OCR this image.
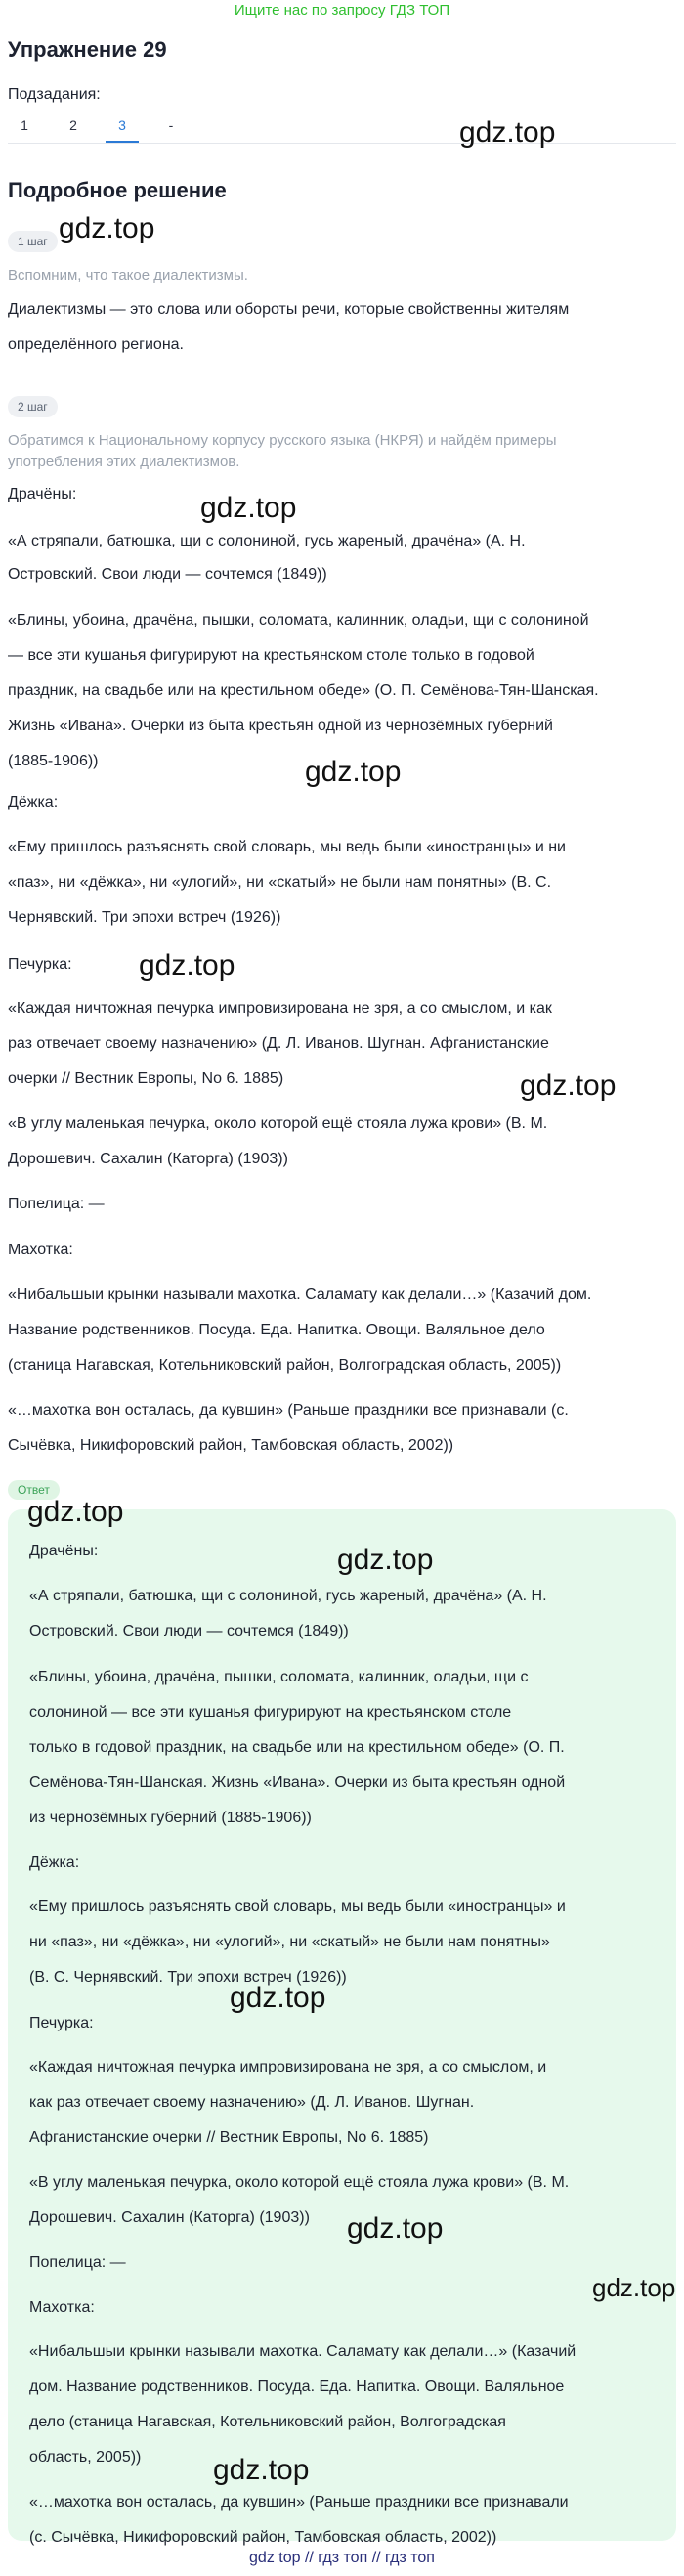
Ищите нас по запросу ГДЗ ТОП
Упражнение 29
Подзадания:
1	2	3	-	gdz.top
Подробное решение
1 шаг gdz.top

Вспомним, что такое диалектизмы.

Диалектизмы — это слова или обороты речи, которые свойственны жителям

определённого региона.

2 шаг

Обратимся к Национальному корпусу русского языка (НКРЯ) и найдём примеры

употребления этих диалектизмов.

gdz.top

Драчёны:

«А стряпали, батюшка, щи с солониной, гусь жареный, драчёна» (А. Н.

Островский. Свои люди — сочтемся (1849))

«Блины, убоина, драчёна, пышки, соломата, калинник, оладьи, щи с солониной

— все эти кушанья фигурируют на крестьянском столе только в годовой

праздник, на свадьбе или на крестильном обеде» (О. П. Семёнова-Тян-Шанская.

Жизнь «Ивана». Очерки из быта крестьян одной из чернозёмных губерний

(1885-1906))	gdz.top

Дёжка:

«Ему пришлось разъяснять свой словарь, мы ведь были «иностранцы» и ни

«паз», ни «дёжка», ни «улогий», ни «скатый» не были нам понятны» (В. С.

Чернявский. Три эпохи встреч (1926))

Печурка:	gdz.top

«Каждая ничтожная печурка импровизирована не зря, а со смыслом, и как

раз отвечает своему назначению» (Д. Л. Иванов. Шугнан. Афганистанские

очерки // Вестник Европы, No 6. 1885)	gdz.top

«В углу маленькая печурка, около которой ещё стояла лужа крови» (В. М.

Дорошевич. Сахалин (Каторга) (1903))

Попелица: —

Махотка:

«Нибальшыи крынки называли махотка. Саламату как делали…» (Казачий дом.

Название родственников. Посуда. Еда. Напитка. Овощи. Валяльное дело

(станица Нагавская, Котельниковский район, Волгоградская область, 2005))

«…махотка вон осталась, да кувшин» (Раньше праздники все признавали (с.

Сычёвка, Никифоровский район, Тамбовская область, 2002))

Ответ
gdz.top

Драчёны:	gdz.top

«А стряпали, батюшка, щи с солониной, гусь жареный, драчёна» (А. Н.

Островский. Свои люди — сочтемся (1849))

«Блины, убоина, драчёна, пышки, соломата, калинник, оладьи, щи с

солониной — все эти кушанья фигурируют на крестьянском столе

только в годовой праздник, на свадьбе или на крестильном обеде» (О. П.

Семёнова-Тян-Шанская. Жизнь «Ивана». Очерки из быта крестьян одной

из чернозёмных губерний (1885-1906))

Дёжка:

«Ему пришлось разъяснять свой словарь, мы ведь были «иностранцы» и

ни «паз», ни «дёжка», ни «улогий», ни «скатый» не были нам понятны»

(В. С. Чернявский. Три эпохи встреч (1926))

gdz.top

Печурка:

«Каждая ничтожная печурка импровизирована не зря, а со смыслом, и

как раз отвечает своему назначению» (Д. Л. Иванов. Шугнан.

Афганистанские очерки // Вестник Европы, No 6. 1885)

«В углу маленькая печурка, около которой ещё стояла лужа крови» (В. М.

Дорошевич. Сахалин (Каторга) (1903))	gdz.top

Попелица: —

gdz.top

Махотка:

«Нибальшыи крынки называли махотка. Саламату как делали…» (Казачий

дом. Название родственников. Посуда. Еда. Напитка. Овощи. Валяльное

дело (станица Нагавская, Котельниковский район, Волгоградская

область, 2005))	gdz.top

«…махотка вон осталась, да кувшин» (Раньше праздники все признавали

(с. Сычёвка, Никифоровский район, Тамбовская область, 2002))

gdz top // гдз топ // гдз топ
